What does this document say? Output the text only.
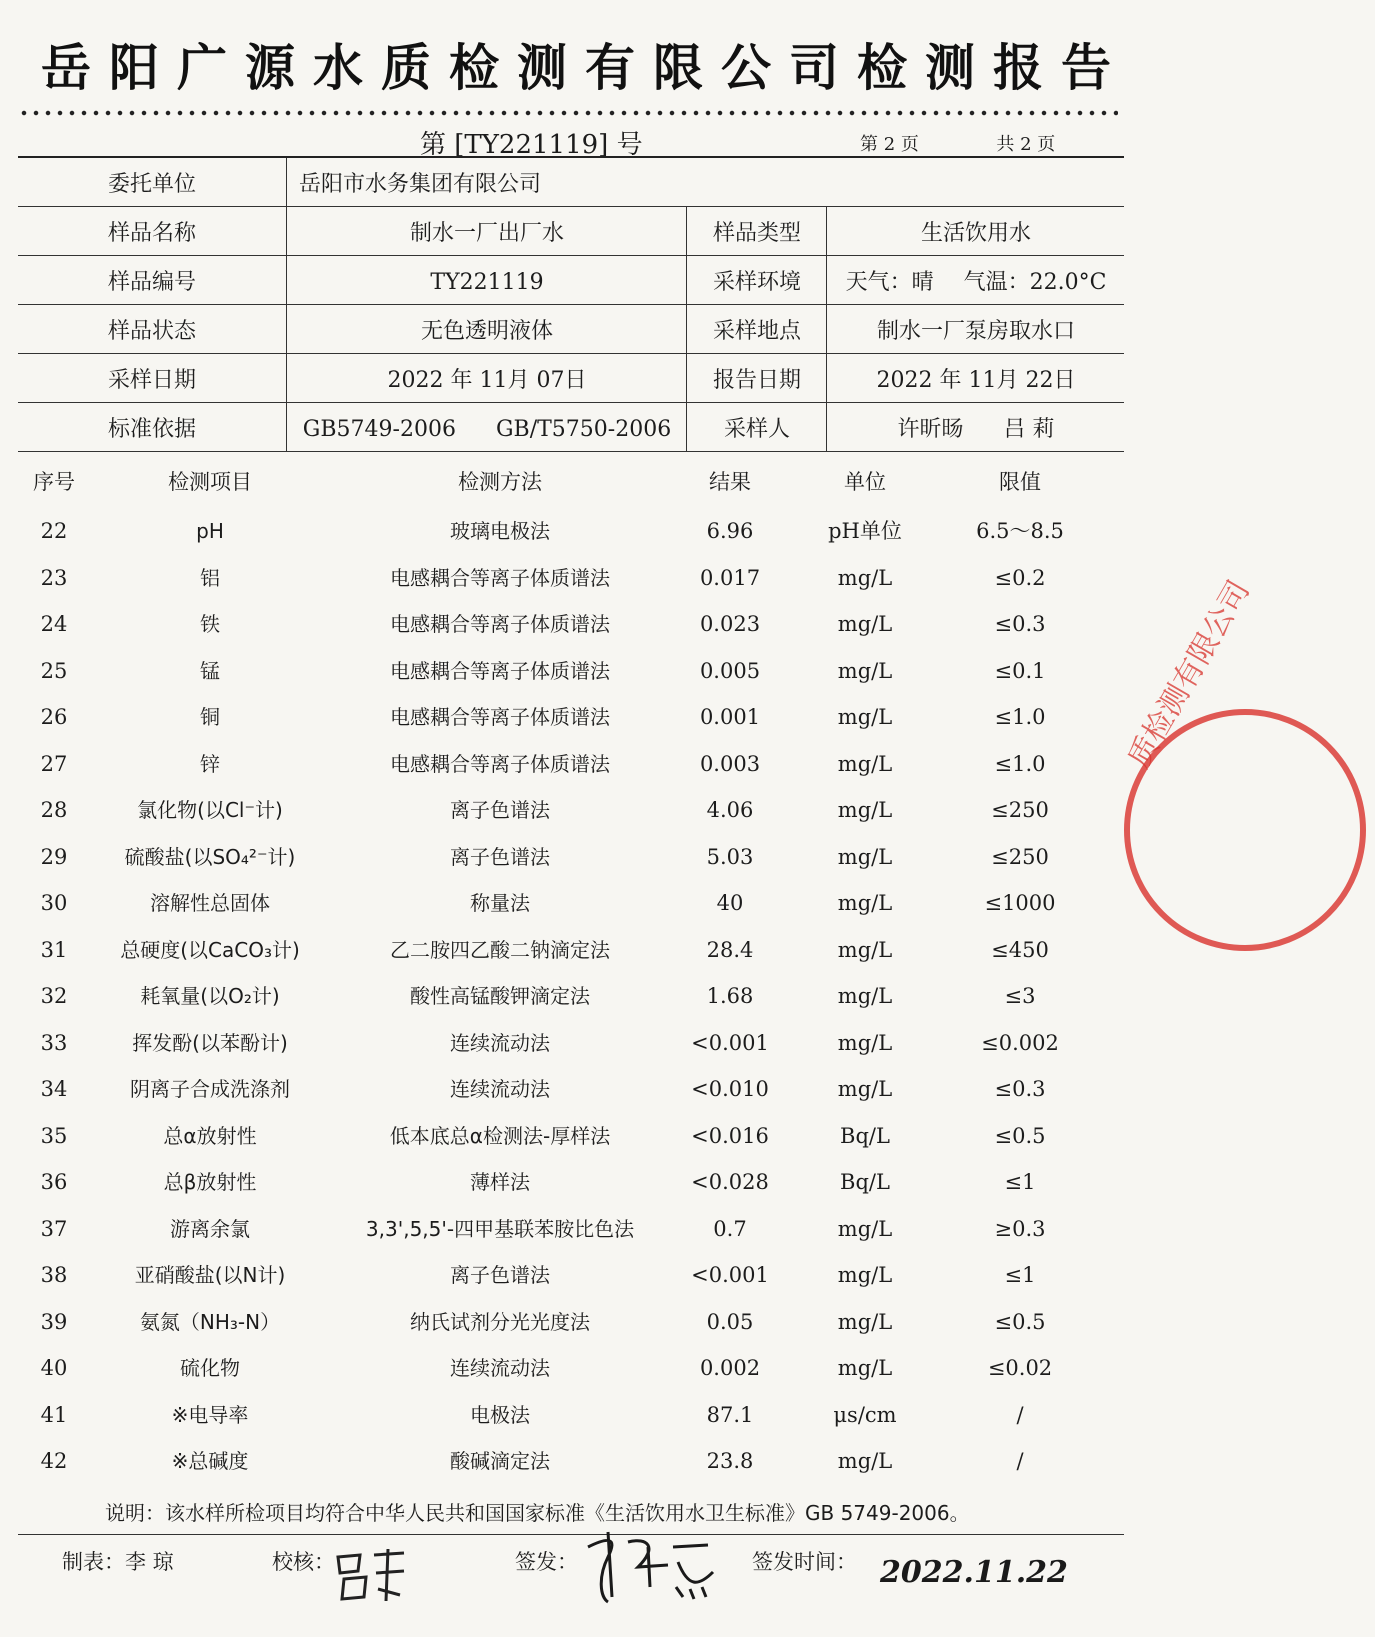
岳阳广源水质检测有限公司检测报告
第 [TY221119] 号	第 2 页	共 2 页
委托单位	岳阳市水务集团有限公司
样品名称	制水一厂出厂水	样品类型	生活饮用水
样品编号	TY221119	采样环境	天气：晴 气温：22.0°C
样品状态	无色透明液体	采样地点	制水一厂泵房取水口
采样日期	2022 年 11月 07日	报告日期	2022 年 11月 22日
标准依据	GB5749-2006 GB/T5750-2006	采样人	许昕旸 吕 莉
序号	检测项目	检测方法	结果	单位	限值
22	pH	玻璃电极法	6.96	pH单位	6.5～8.5
23	铝	电感耦合等离子体质谱法	0.017	mg/L	≤0.2
24	铁	电感耦合等离子体质谱法	0.023	mg/L	≤0.3
25	锰	电感耦合等离子体质谱法	0.005	mg/L	≤0.1
26	铜	电感耦合等离子体质谱法	0.001	mg/L	≤1.0
27	锌	电感耦合等离子体质谱法	0.003	mg/L	≤1.0
28	氯化物(以Cl⁻计)	离子色谱法	4.06	mg/L	≤250
29	硫酸盐(以SO₄²⁻计)	离子色谱法	5.03	mg/L	≤250
30	溶解性总固体	称量法	40	mg/L	≤1000
31	总硬度(以CaCO₃计)	乙二胺四乙酸二钠滴定法	28.4	mg/L	≤450
32	耗氧量(以O₂计)	酸性高锰酸钾滴定法	1.68	mg/L	≤3
33	挥发酚(以苯酚计)	连续流动法	<0.001	mg/L	≤0.002
34	阴离子合成洗涤剂	连续流动法	<0.010	mg/L	≤0.3
35	总α放射性	低本底总α检测法-厚样法	<0.016	Bq/L	≤0.5
36	总β放射性	薄样法	<0.028	Bq/L	≤1
37	游离余氯	3,3',5,5'-四甲基联苯胺比色法	0.7	mg/L	≥0.3
38	亚硝酸盐(以N计)	离子色谱法	<0.001	mg/L	≤1
39	氨氮（NH₃-N）	纳氏试剂分光光度法	0.05	mg/L	≤0.5
40	硫化物	连续流动法	0.002	mg/L	≤0.02
41	※电导率	电极法	87.1	μs/cm	/
42	※总碱度	酸碱滴定法	23.8	mg/L	/
说明：该水样所检项目均符合中华人民共和国国家标准《生活饮用水卫生标准》GB 5749-2006。
制表：李 琼	校核：	签发：	签发时间： 2022.11.22
质检测有限公司
